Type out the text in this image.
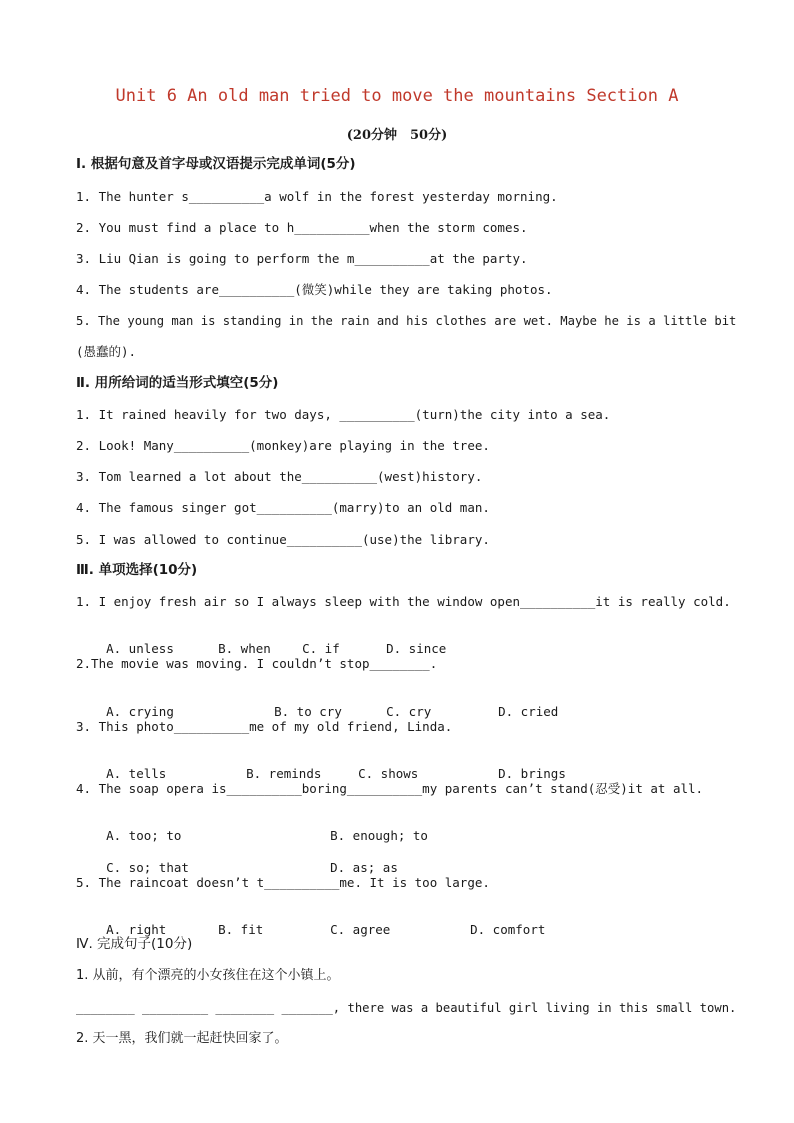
Unit 6 An old man tried to move the mountains Section A
(20分钟　50分)
Ⅰ. 根据句意及首字母或汉语提示完成单词(5分)
1. The hunter s__________a wolf in the forest yesterday morning.
2. You must find a place to h__________when the storm comes.
3. Liu Qian is going to perform the m__________at the party.
4. The students are__________(微笑)while they are taking photos.
5. The young man is standing in the rain and his clothes are wet. Maybe he is a little bit
(愚蠢的).
Ⅱ. 用所给词的适当形式填空(5分)
1. It rained heavily for two days, __________(turn)the city into a sea.
2. Look! Many__________(monkey)are playing in the tree.
3. Tom learned a lot about the__________(west)history.
4. The famous singer got__________(marry)to an old man.
5. I was allowed to continue__________(use)the library.
Ⅲ. 单项选择(10分)
1. I enjoy fresh air so I always sleep with the window open__________it is really cold.

A. unless	B. when	C. if	D. since

2.The movie was moving. I couldn’t stop________.

A. crying	B. to cry	C. cry	D. cried

3. This photo__________me of my old friend, Linda.

A. tells	B. reminds	C. shows	D. brings

4. The soap opera is__________boring__________my parents can’t stand(忍受)it at all.

A. too; to	B. enough; to

C. so; that	D. as; as

5. The raincoat doesn’t t__________me. It is too large.

A. right	B. fit	C. agree	D. comfort

Ⅳ. 完成句子(10分)
1. 从前，有个漂亮的小女孩住在这个小镇上。
________ _________ ________ _______, there was a beautiful girl living in this small town.
2. 天一黑，我们就一起赶快回家了。
